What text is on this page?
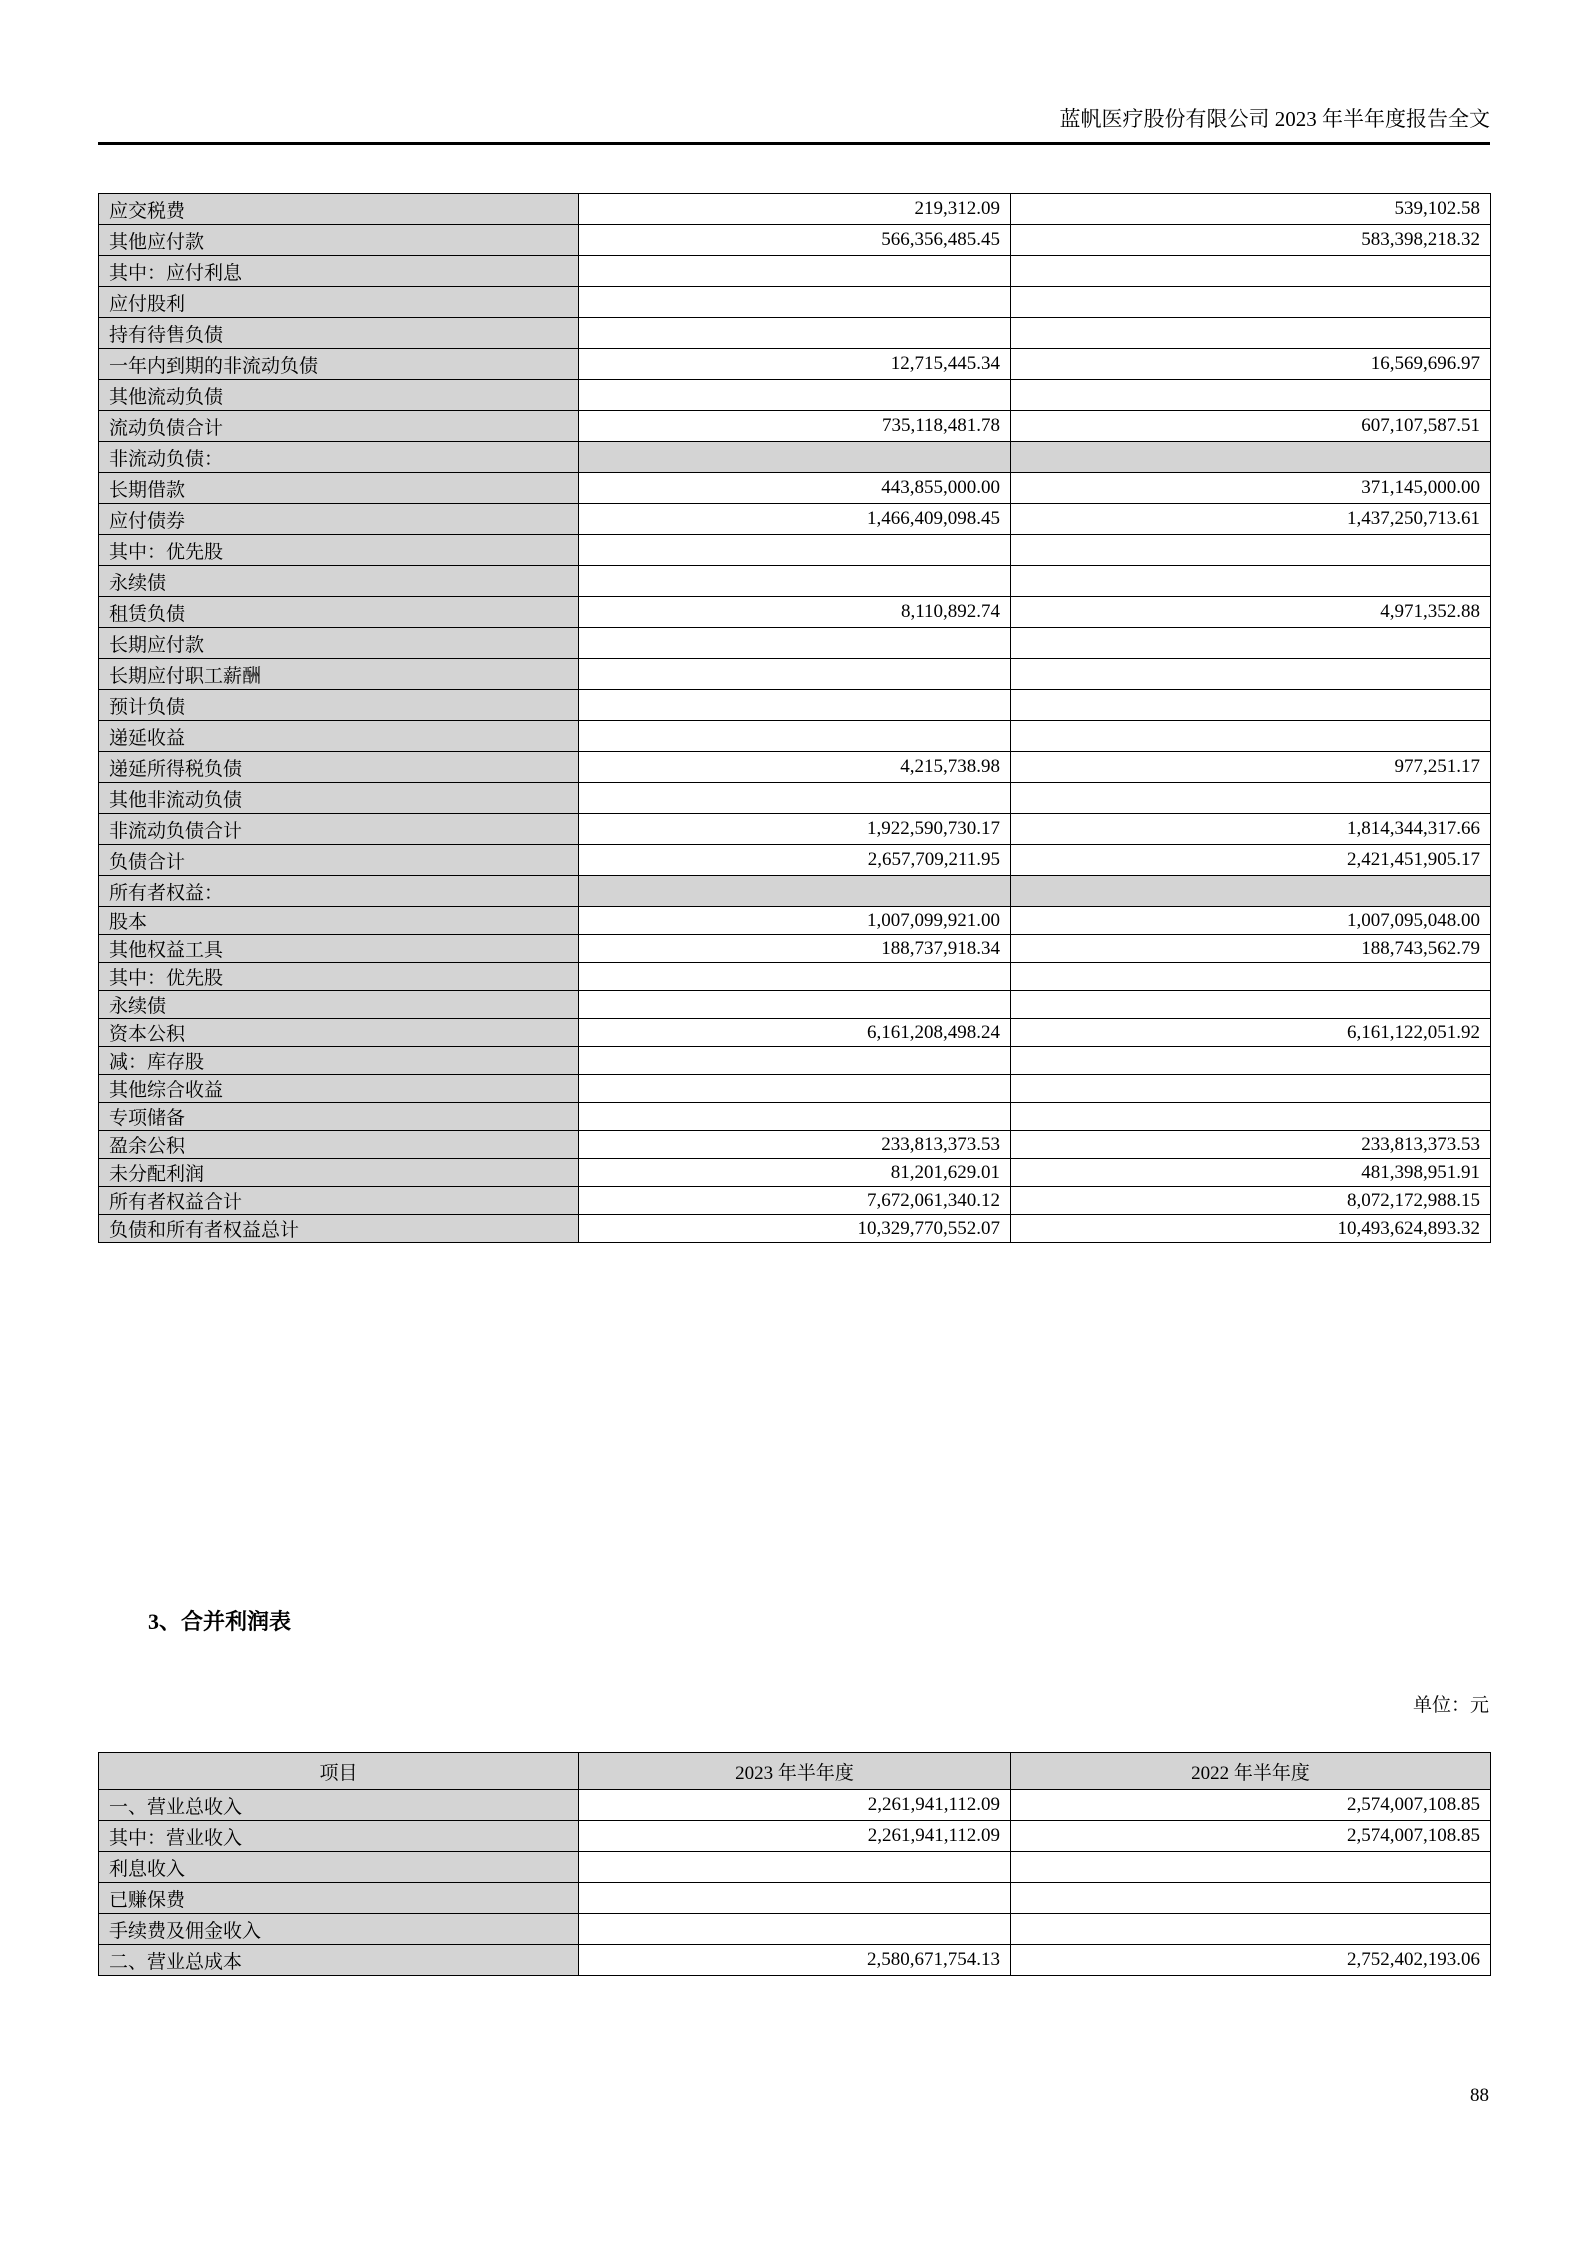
蓝帆医疗股份有限公司 2023 年半年度报告全文
应交税费	219,312.09	539,102.58
其他应付款	566,356,485.45	583,398,218.32
其中：应付利息		
应付股利		
持有待售负债		
一年内到期的非流动负债	12,715,445.34	16,569,696.97
其他流动负债		
流动负债合计	735,118,481.78	607,107,587.51
非流动负债：		
长期借款	443,855,000.00	371,145,000.00
应付债券	1,466,409,098.45	1,437,250,713.61
其中：优先股		
永续债		
租赁负债	8,110,892.74	4,971,352.88
长期应付款		
长期应付职工薪酬		
预计负债		
递延收益		
递延所得税负债	4,215,738.98	977,251.17
其他非流动负债		
非流动负债合计	1,922,590,730.17	1,814,344,317.66
负债合计	2,657,709,211.95	2,421,451,905.17
所有者权益：		
股本	1,007,099,921.00	1,007,095,048.00
其他权益工具	188,737,918.34	188,743,562.79
其中：优先股		
永续债		
资本公积	6,161,208,498.24	6,161,122,051.92
减：库存股		
其他综合收益		
专项储备		
盈余公积	233,813,373.53	233,813,373.53
未分配利润	81,201,629.01	481,398,951.91
所有者权益合计	7,672,061,340.12	8,072,172,988.15
负债和所有者权益总计	10,329,770,552.07	10,493,624,893.32
3、合并利润表
单位：元
项目	2023 年半年度	2022 年半年度
一、营业总收入	2,261,941,112.09	2,574,007,108.85
其中：营业收入	2,261,941,112.09	2,574,007,108.85
利息收入		
已赚保费		
手续费及佣金收入		
二、营业总成本	2,580,671,754.13	2,752,402,193.06
88
